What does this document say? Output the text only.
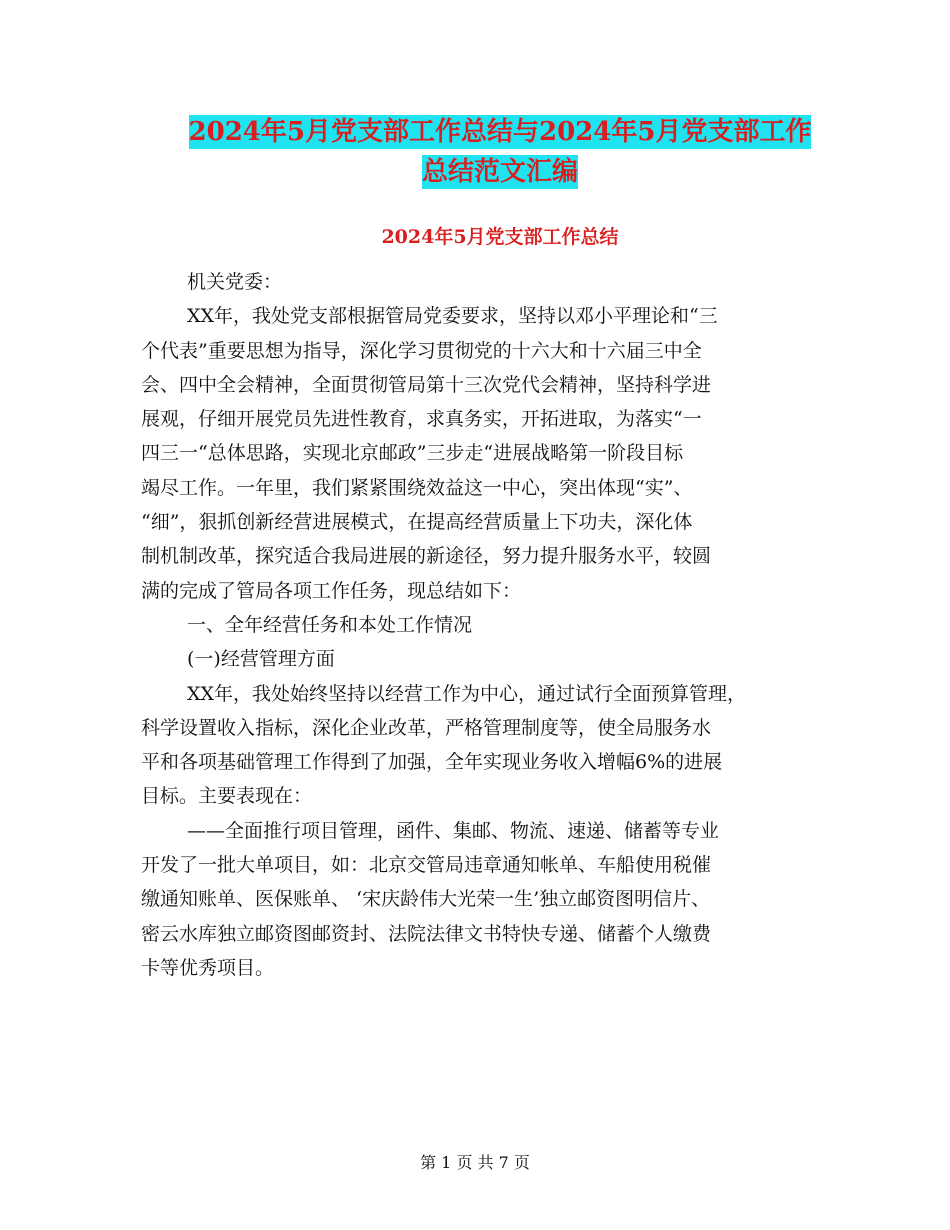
2024年5月党支部工作总结与2024年5月党支部工作
总结范文汇编
2024年5月党支部工作总结
机关党委：
XX年，我处党支部根据管局党委要求，坚持以邓小平理论和“三
个代表”重要思想为指导，深化学习贯彻党的十六大和十六届三中全
会、四中全会精神，全面贯彻管局第十三次党代会精神，坚持科学进
展观，仔细开展党员先进性教育，求真务实，开拓进取，为落实“一
四三一“总体思路，实现北京邮政”三步走“进展战略第一阶段目标
竭尽工作。一年里，我们紧紧围绕效益这一中心，突出体现“实”、
“细”，狠抓创新经营进展模式，在提高经营质量上下功夫，深化体
制机制改革，探究适合我局进展的新途径，努力提升服务水平，较圆
满的完成了管局各项工作任务，现总结如下：
一、全年经营任务和本处工作情况
(一)经营管理方面
XX年，我处始终坚持以经营工作为中心，通过试行全面预算管理，
科学设置收入指标，深化企业改革，严格管理制度等，使全局服务水
平和各项基础管理工作得到了加强，全年实现业务收入增幅6%的进展
目标。主要表现在：
——全面推行项目管理，函件、集邮、物流、速递、储蓄等专业
开发了一批大单项目，如：北京交管局违章通知帐单、车船使用税催
缴通知账单、医保账单、 ‘宋庆龄伟大光荣一生’独立邮资图明信片、
密云水库独立邮资图邮资封、法院法律文书特快专递、储蓄个人缴费
卡等优秀项目。
第 1 页 共 7 页
